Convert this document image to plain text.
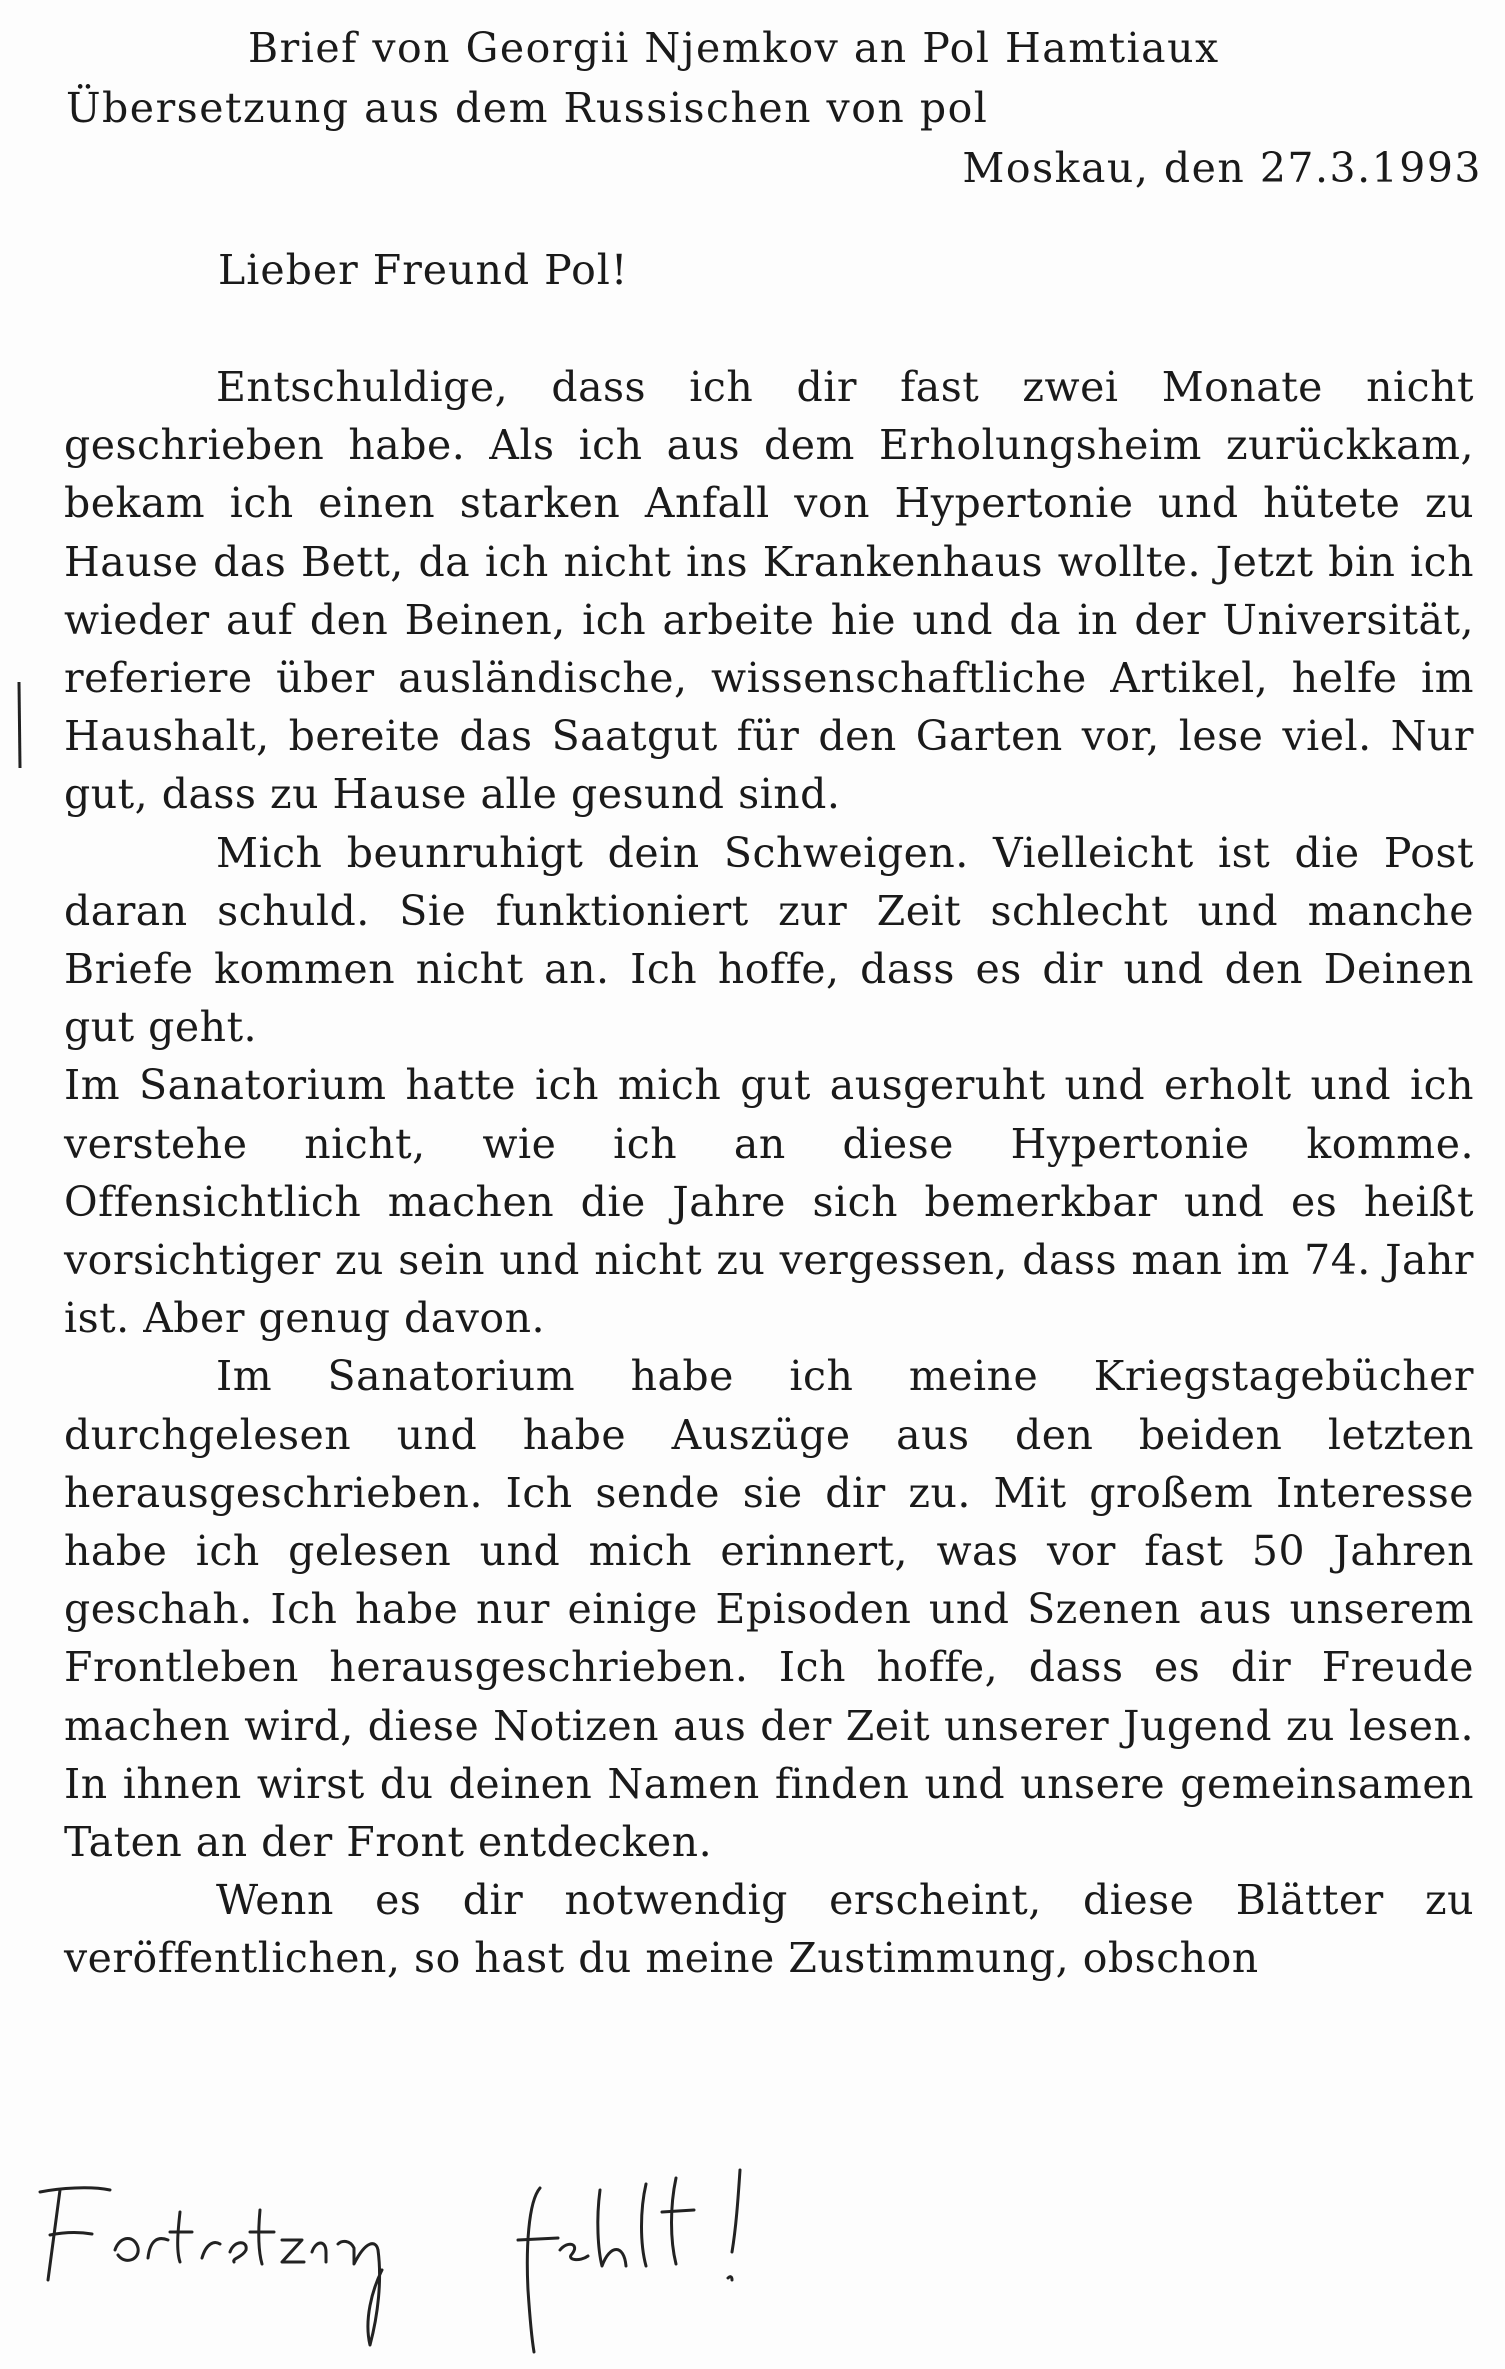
Brief von Georgii Njemkov an Pol Hamtiaux
Übersetzung aus dem Russischen von pol
Moskau, den 27.3.1993
Lieber Freund Pol!

Entschuldige, dass ich dir fast zwei Monate nicht geschrieben habe. Als ich aus dem Erholungsheim zurückkam, bekam ich einen starken Anfall von Hypertonie und hütete zu Hause das Bett, da ich nicht ins Krankenhaus wollte. Jetzt bin ich wieder auf den Beinen, ich arbeite hie und da in der Universität, referiere über ausländische, wissenschaftliche Artikel, helfe im Haushalt, bereite das Saatgut für den Garten vor, lese viel. Nur gut, dass zu Hause alle gesund sind.

Mich beunruhigt dein Schweigen. Vielleicht ist die Post daran schuld. Sie funktioniert zur Zeit schlecht und manche Briefe kommen nicht an. Ich hoffe, dass es dir und den Deinen gut geht.

Im Sanatorium hatte ich mich gut ausgeruht und erholt und ich verstehe nicht, wie ich an diese Hypertonie komme. Offensichtlich machen die Jahre sich bemerkbar und es heißt vorsichtiger zu sein und nicht zu vergessen, dass man im 74. Jahr ist. Aber genug davon.

Im Sanatorium habe ich meine Kriegstagebücher durchgelesen und habe Auszüge aus den beiden letzten herausgeschrieben. Ich sende sie dir zu. Mit großem Interesse habe ich gelesen und mich erinnert, was vor fast 50 Jahren geschah. Ich habe nur einige Episoden und Szenen aus unserem Frontleben herausgeschrieben. Ich hoffe, dass es dir Freude machen wird, diese Notizen aus der Zeit unserer Jugend zu lesen. In ihnen wirst du deinen Namen finden und unsere gemeinsamen Taten an der Front entdecken.

Wenn es dir notwendig erscheint, diese Blätter zu veröffentlichen, so hast du meine Zustimmung, obschon
